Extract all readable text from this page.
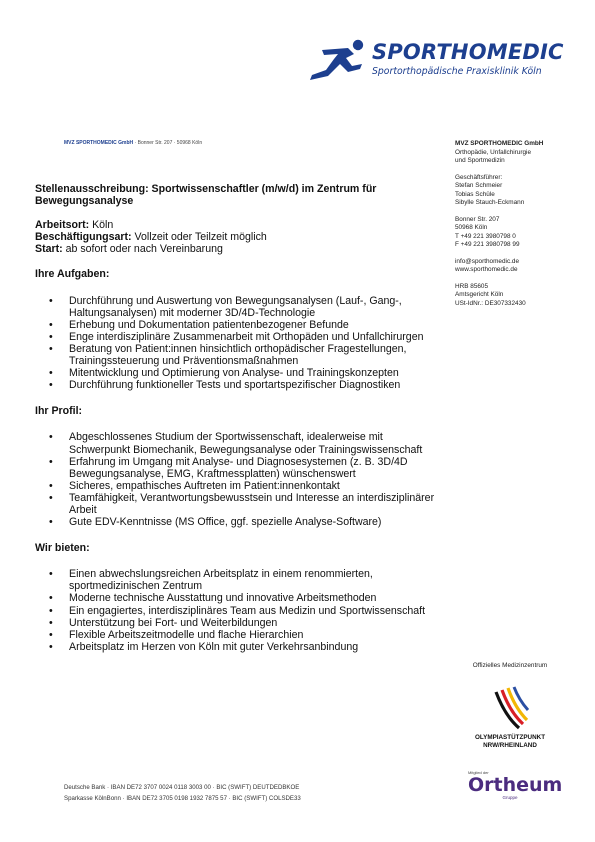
SPORTHOMEDIC
Sportorthopädische Praxisklinik Köln
MVZ SPORTHOMEDIC GmbH · Bonner Str. 207 · 50968 Köln	MVZ SPORTHOMEDIC GmbH
Orthopädie, Unfallchirurgie
und Sportmedizin
Geschäftsführer:
Stefan Schmeier
Tobias Schüle
Sibylle Stauch-Eckmann
Bonner Str. 207
50968 Köln
T +49 221 3980798 0
F +49 221 3980798 99
info@sporthomedic.de
www.sporthomedic.de
HRB 85605
Amtsgericht Köln
USt-IdNr.: DE307332430
Stellenausschreibung: Sportwissenschaftler (m/w/d) im Zentrum für Bewegungsanalyse
Arbeitsort: Köln
Beschäftigungsart: Vollzeit oder Teilzeit möglich
Start: ab sofort oder nach Vereinbarung
Ihre Aufgaben:
• Durchführung und Auswertung von Bewegungsanalysen (Lauf-, Gang-, Haltungsanalysen) mit moderner 3D/4D-Technologie
• Erhebung und Dokumentation patientenbezogener Befunde
• Enge interdisziplinäre Zusammenarbeit mit Orthopäden und Unfallchirurgen
• Beratung von Patient:innen hinsichtlich orthopädischer Fragestellungen, Trainingssteuerung und Präventionsmaßnahmen
• Mitentwicklung und Optimierung von Analyse- und Trainingskonzepten
• Durchführung funktioneller Tests und sportartspezifischer Diagnostiken
Ihr Profil:
• Abgeschlossenes Studium der Sportwissenschaft, idealerweise mit Schwerpunkt Biomechanik, Bewegungsanalyse oder Trainingswissenschaft
• Erfahrung im Umgang mit Analyse- und Diagnosesystemen (z. B. 3D/4D Bewegungsanalyse, EMG, Kraftmessplatten) wünschenswert
• Sicheres, empathisches Auftreten im Patient:innenkontakt
• Teamfähigkeit, Verantwortungsbewusstsein und Interesse an interdisziplinärer Arbeit
• Gute EDV-Kenntnisse (MS Office, ggf. spezielle Analyse-Software)
Wir bieten:
• Einen abwechslungsreichen Arbeitsplatz in einem renommierten, sportmedizinischen Zentrum
• Moderne technische Ausstattung und innovative Arbeitsmethoden
• Ein engagiertes, interdisziplinäres Team aus Medizin und Sportwissenschaft
• Unterstützung bei Fort- und Weiterbildungen
• Flexible Arbeitszeitmodelle und flache Hierarchien
• Arbeitsplatz im Herzen von Köln mit guter Verkehrsanbindung
Offizielles Medizinzentrum
OLYMPIASTÜTZPUNKT
NRW/RHEINLAND
Mitglied der
Ortheum
Gruppe
Deutsche Bank · IBAN DE72 3707 0024 0118 3003 00 · BIC (SWIFT) DEUTDEDBKOE
Sparkasse KölnBonn · IBAN DE72 3705 0198 1932 7875 57 · BIC (SWIFT) COLSDE33
